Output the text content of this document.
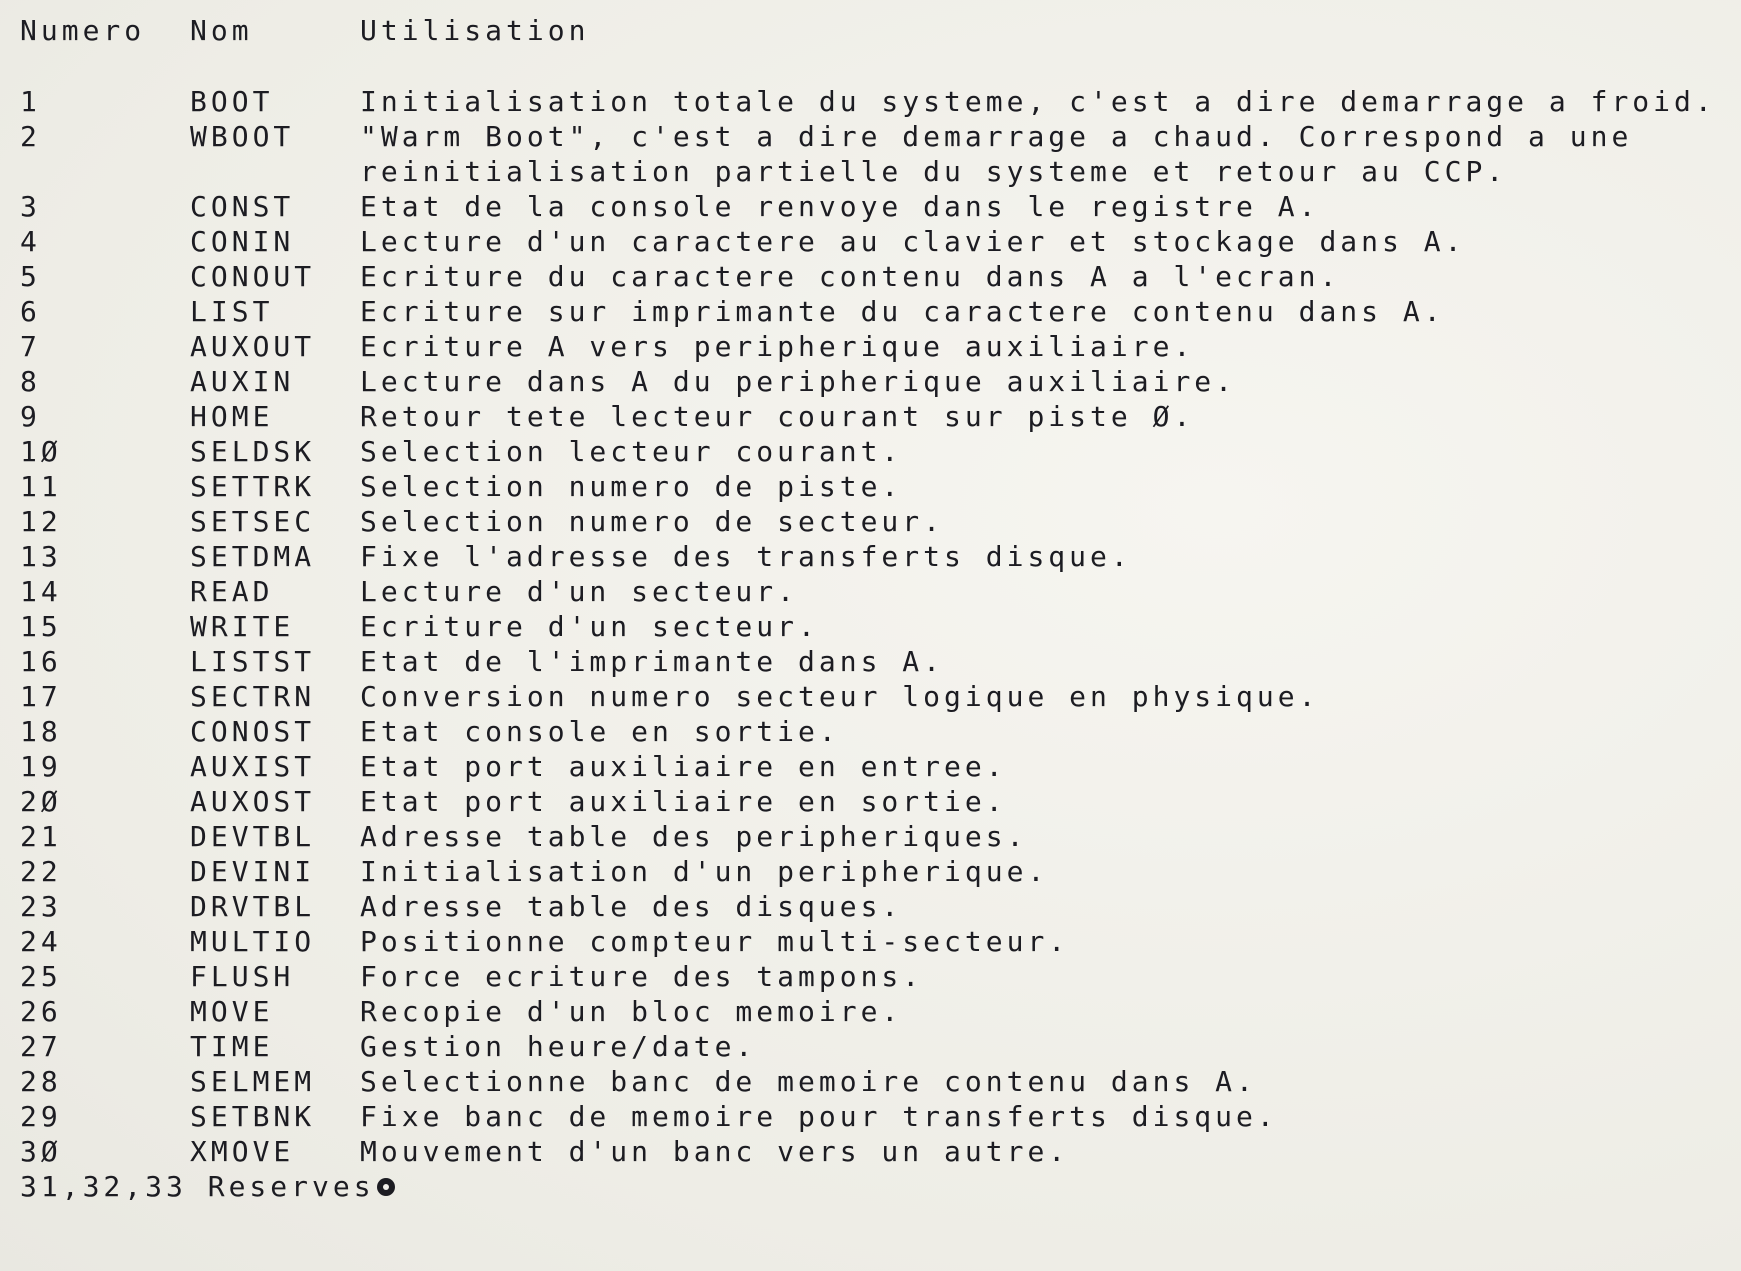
Numero	Nom	Utilisation
1	BOOT	Initialisation totale du systeme, c'est a dire demarrage a froid.
2	WBOOT	"Warm Boot", c'est a dire demarrage a chaud. Correspond a une reinitialisation partielle du systeme et retour au CCP.
3	CONST	Etat de la console renvoye dans le registre A.
4	CONIN	Lecture d'un caractere au clavier et stockage dans A.
5	CONOUT	Ecriture du caractere contenu dans A a l'ecran.
6	LIST	Ecriture sur imprimante du caractere contenu dans A.
7	AUXOUT	Ecriture A vers peripherique auxiliaire.
8	AUXIN	Lecture dans A du peripherique auxiliaire.
9	HOME	Retour tete lecteur courant sur piste Ø.
1Ø	SELDSK	Selection lecteur courant.
11	SETTRK	Selection numero de piste.
12	SETSEC	Selection numero de secteur.
13	SETDMA	Fixe l'adresse des transferts disque.
14	READ	Lecture d'un secteur.
15	WRITE	Ecriture d'un secteur.
16	LISTST	Etat de l'imprimante dans A.
17	SECTRN	Conversion numero secteur logique en physique.
18	CONOST	Etat console en sortie.
19	AUXIST	Etat port auxiliaire en entree.
2Ø	AUXOST	Etat port auxiliaire en sortie.
21	DEVTBL	Adresse table des peripheriques.
22	DEVINI	Initialisation d'un peripherique.
23	DRVTBL	Adresse table des disques.
24	MULTIO	Positionne compteur multi-secteur.
25	FLUSH	Force ecriture des tampons.
26	MOVE	Recopie d'un bloc memoire.
27	TIME	Gestion heure/date.
28	SELMEM	Selectionne banc de memoire contenu dans A.
29	SETBNK	Fixe banc de memoire pour transferts disque.
3Ø	XMOVE	Mouvement d'un banc vers un autre.
31,32,33 Reserves
